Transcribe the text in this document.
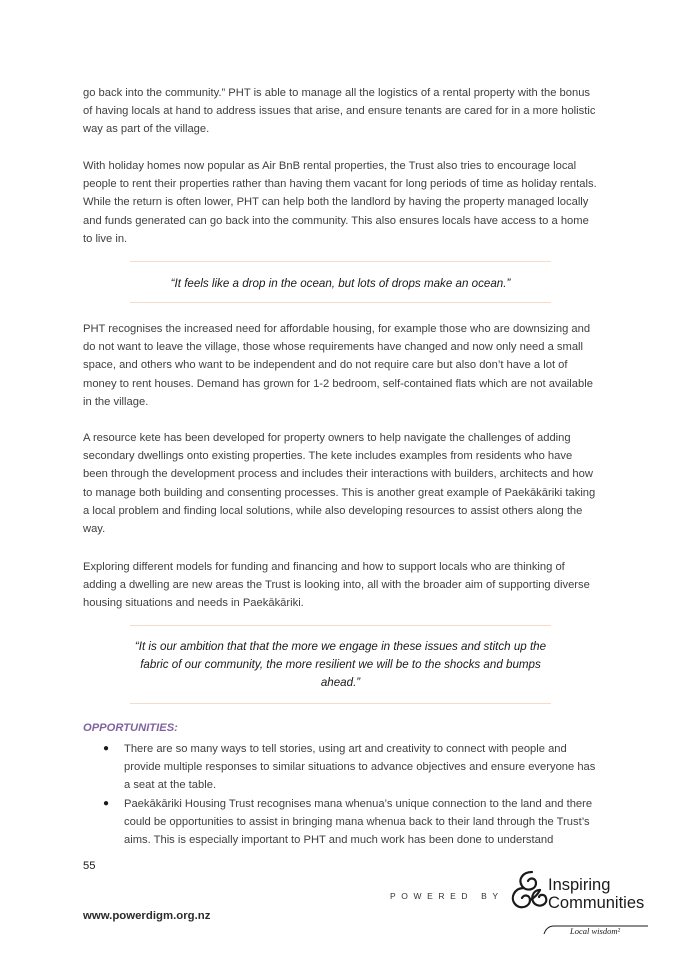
go back into the community.” PHT is able to manage all the logistics of a rental property with the bonus of having locals at hand to address issues that arise, and ensure tenants are cared for in a more holistic way as part of the village.

With holiday homes now popular as Air BnB rental properties, the Trust also tries to encourage local people to rent their properties rather than having them vacant for long periods of time as holiday rentals. While the return is often lower, PHT can help both the landlord by having the property managed locally and funds generated can go back into the community. This also ensures locals have access to a home to live in.

“It feels like a drop in the ocean, but lots of drops make an ocean.”

PHT recognises the increased need for affordable housing, for example those who are downsizing and do not want to leave the village, those whose requirements have changed and now only need a small space, and others who want to be independent and do not require care but also don’t have a lot of money to rent houses. Demand has grown for 1-2 bedroom, self-contained flats which are not available in the village.

A resource kete has been developed for property owners to help navigate the challenges of adding secondary dwellings onto existing properties. The kete includes examples from residents who have been through the development process and includes their interactions with builders, architects and how to manage both building and consenting processes. This is another great example of Paekākāriki taking a local problem and finding local solutions, while also developing resources to assist others along the way.

Exploring different models for funding and financing and how to support locals who are thinking of adding a dwelling are new areas the Trust is looking into, all with the broader aim of supporting diverse housing situations and needs in Paekākāriki.

“It is our ambition that that the more we engage in these issues and stitch up the fabric of our community, the more resilient we will be to the shocks and bumps ahead.”

OPPORTUNITIES:

● There are so many ways to tell stories, using art and creativity to connect with people and provide multiple responses to similar situations to advance objectives and ensure everyone has a seat at the table.
● Paekākāriki Housing Trust recognises mana whenua’s unique connection to the land and there could be opportunities to assist in bringing mana whenua back to their land through the Trust’s aims. This is especially important to PHT and much work has been done to understand
55
www.powerdigm.org.nz
POWERED BY
Inspiring
Communities
Local wisdom²
